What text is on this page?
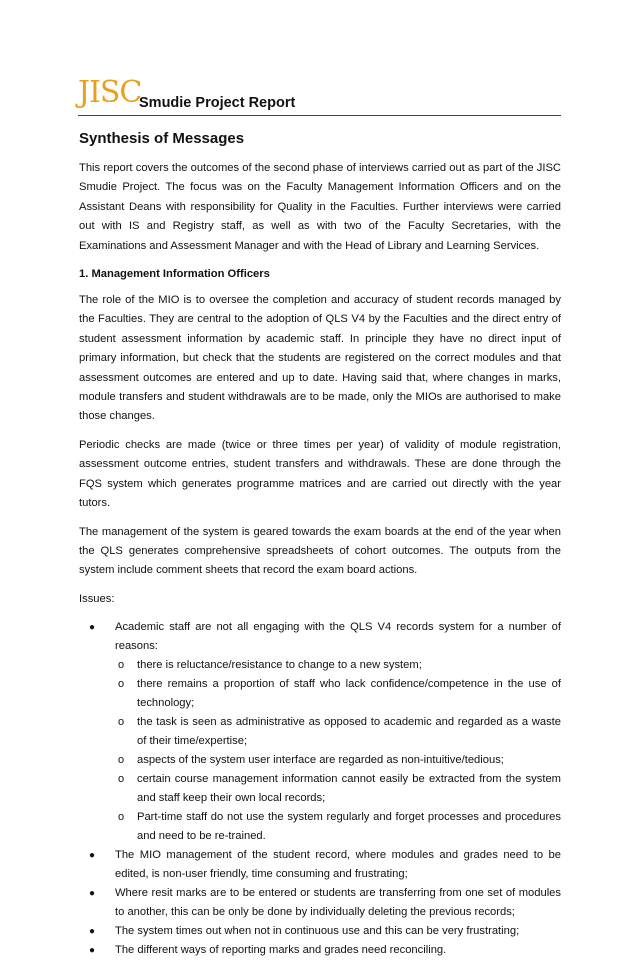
JISC
Smudie Project Report
Synthesis of Messages

This report covers the outcomes of the second phase of interviews carried out as part of the JISC Smudie Project. The focus was on the Faculty Management Information Officers and on the Assistant Deans with responsibility for Quality in the Faculties. Further interviews were carried out with IS and Registry staff, as well as with two of the Faculty Secretaries, with the Examinations and Assessment Manager and with the Head of Library and Learning Services.

1. Management Information Officers

The role of the MIO is to oversee the completion and accuracy of student records managed by the Faculties. They are central to the adoption of QLS V4 by the Faculties and the direct entry of student assessment information by academic staff. In principle they have no direct input of primary information, but check that the students are registered on the correct modules and that assessment outcomes are entered and up to date. Having said that, where changes in marks, module transfers and student withdrawals are to be made, only the MIOs are authorised to make those changes.

Periodic checks are made (twice or three times per year) of validity of module registration, assessment outcome entries, student transfers and withdrawals. These are done through the FQS system which generates programme matrices and are carried out directly with the year tutors.

The management of the system is geared towards the exam boards at the end of the year when the QLS generates comprehensive spreadsheets of cohort outcomes. The outputs from the system include comment sheets that record the exam board actions.

Issues:

● Academic staff are not all engaging with the QLS V4 records system for a number of reasons:
o there is reluctance/resistance to change to a new system;
o there remains a proportion of staff who lack confidence/competence in the use of technology;
o the task is seen as administrative as opposed to academic and regarded as a waste of their time/expertise;
o aspects of the system user interface are regarded as non-intuitive/tedious;
o certain course management information cannot easily be extracted from the system and staff keep their own local records;
o Part-time staff do not use the system regularly and forget processes and procedures and need to be re-trained.
● The MIO management of the student record, where modules and grades need to be edited, is non-user friendly, time consuming and frustrating;
● Where resit marks are to be entered or students are transferring from one set of modules to another, this can be only be done by individually deleting the previous records;
● The system times out when not in continuous use and this can be very frustrating;
● The different ways of reporting marks and grades need reconciling.
